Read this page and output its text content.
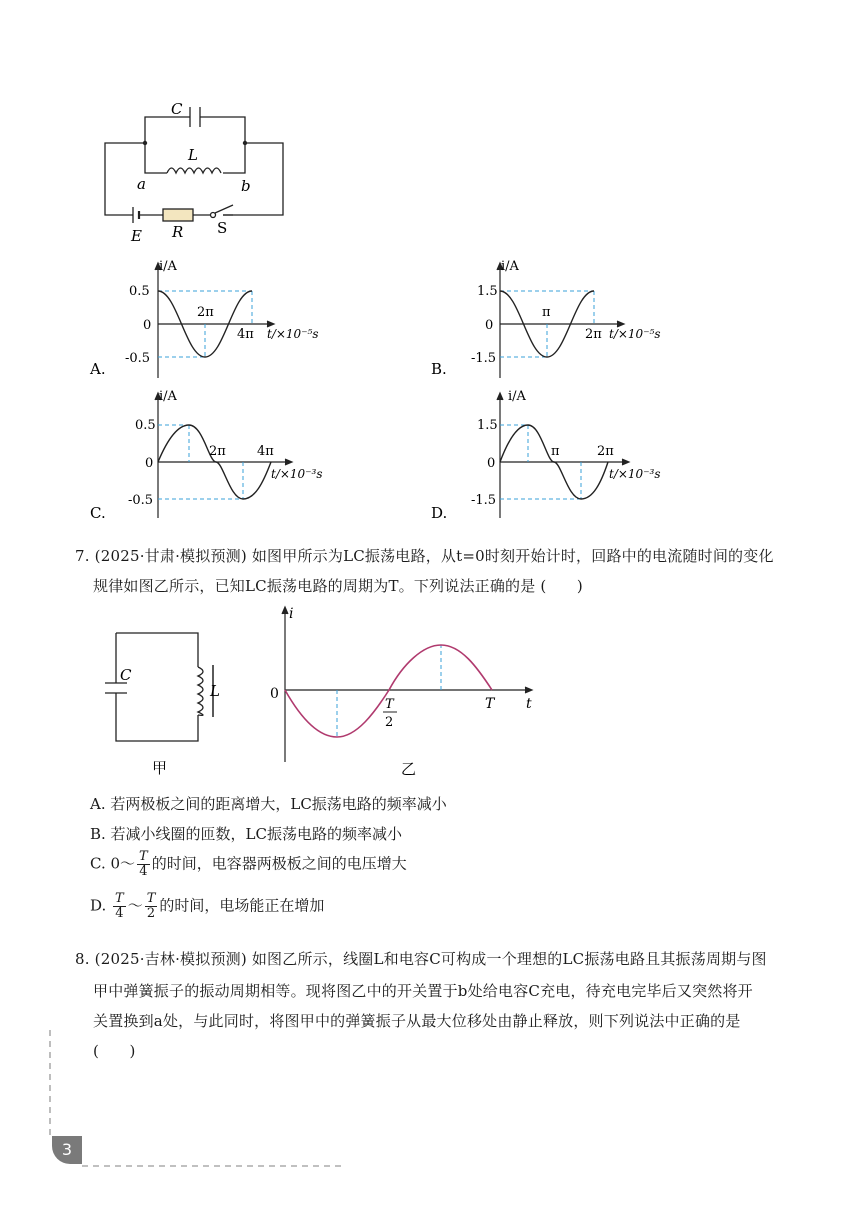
C
L
a	b
E R S
i/A
0.5
0
-0.5
2π
4π t/×10⁻⁵s
A.
i/A
1.5
0
-1.5
π
2π t/×10⁻⁵s
B.
i/A
0.5
0
-0.5
2π 4π
t/×10⁻³s
C.
i/A
1.5
0
-1.5
π	2π
t/×10⁻³s
D.
7. (2025·甘肃·模拟预测) 如图甲所示为LC振荡电路，从t=0时刻开始计时，回路中的电流随时间的变化
规律如图乙所示，已知LC振荡电路的周期为T。下列说法正确的是 (　　)
C
L
甲
i
0
T
2
T t
乙
A. 若两极板之间的距离增大，LC振荡电路的频率减小
B. 若减小线圈的匝数，LC振荡电路的频率减小
C. 0～ $\frac{T}{4}$ 的时间，电容器两极板之间的电压增大
D. $\frac{T}{4}$ ～ $\frac{T}{2}$ 的时间，电场能正在增加
8. (2025·吉林·模拟预测) 如图乙所示，线圈L和电容C可构成一个理想的LC振荡电路且其振荡周期与图
甲中弹簧振子的振动周期相等。现将图乙中的开关置于b处给电容C充电，待充电完毕后又突然将开
关置换到a处，与此同时，将图甲中的弹簧振子从最大位移处由静止释放，则下列说法中正确的是
(　　)
3
